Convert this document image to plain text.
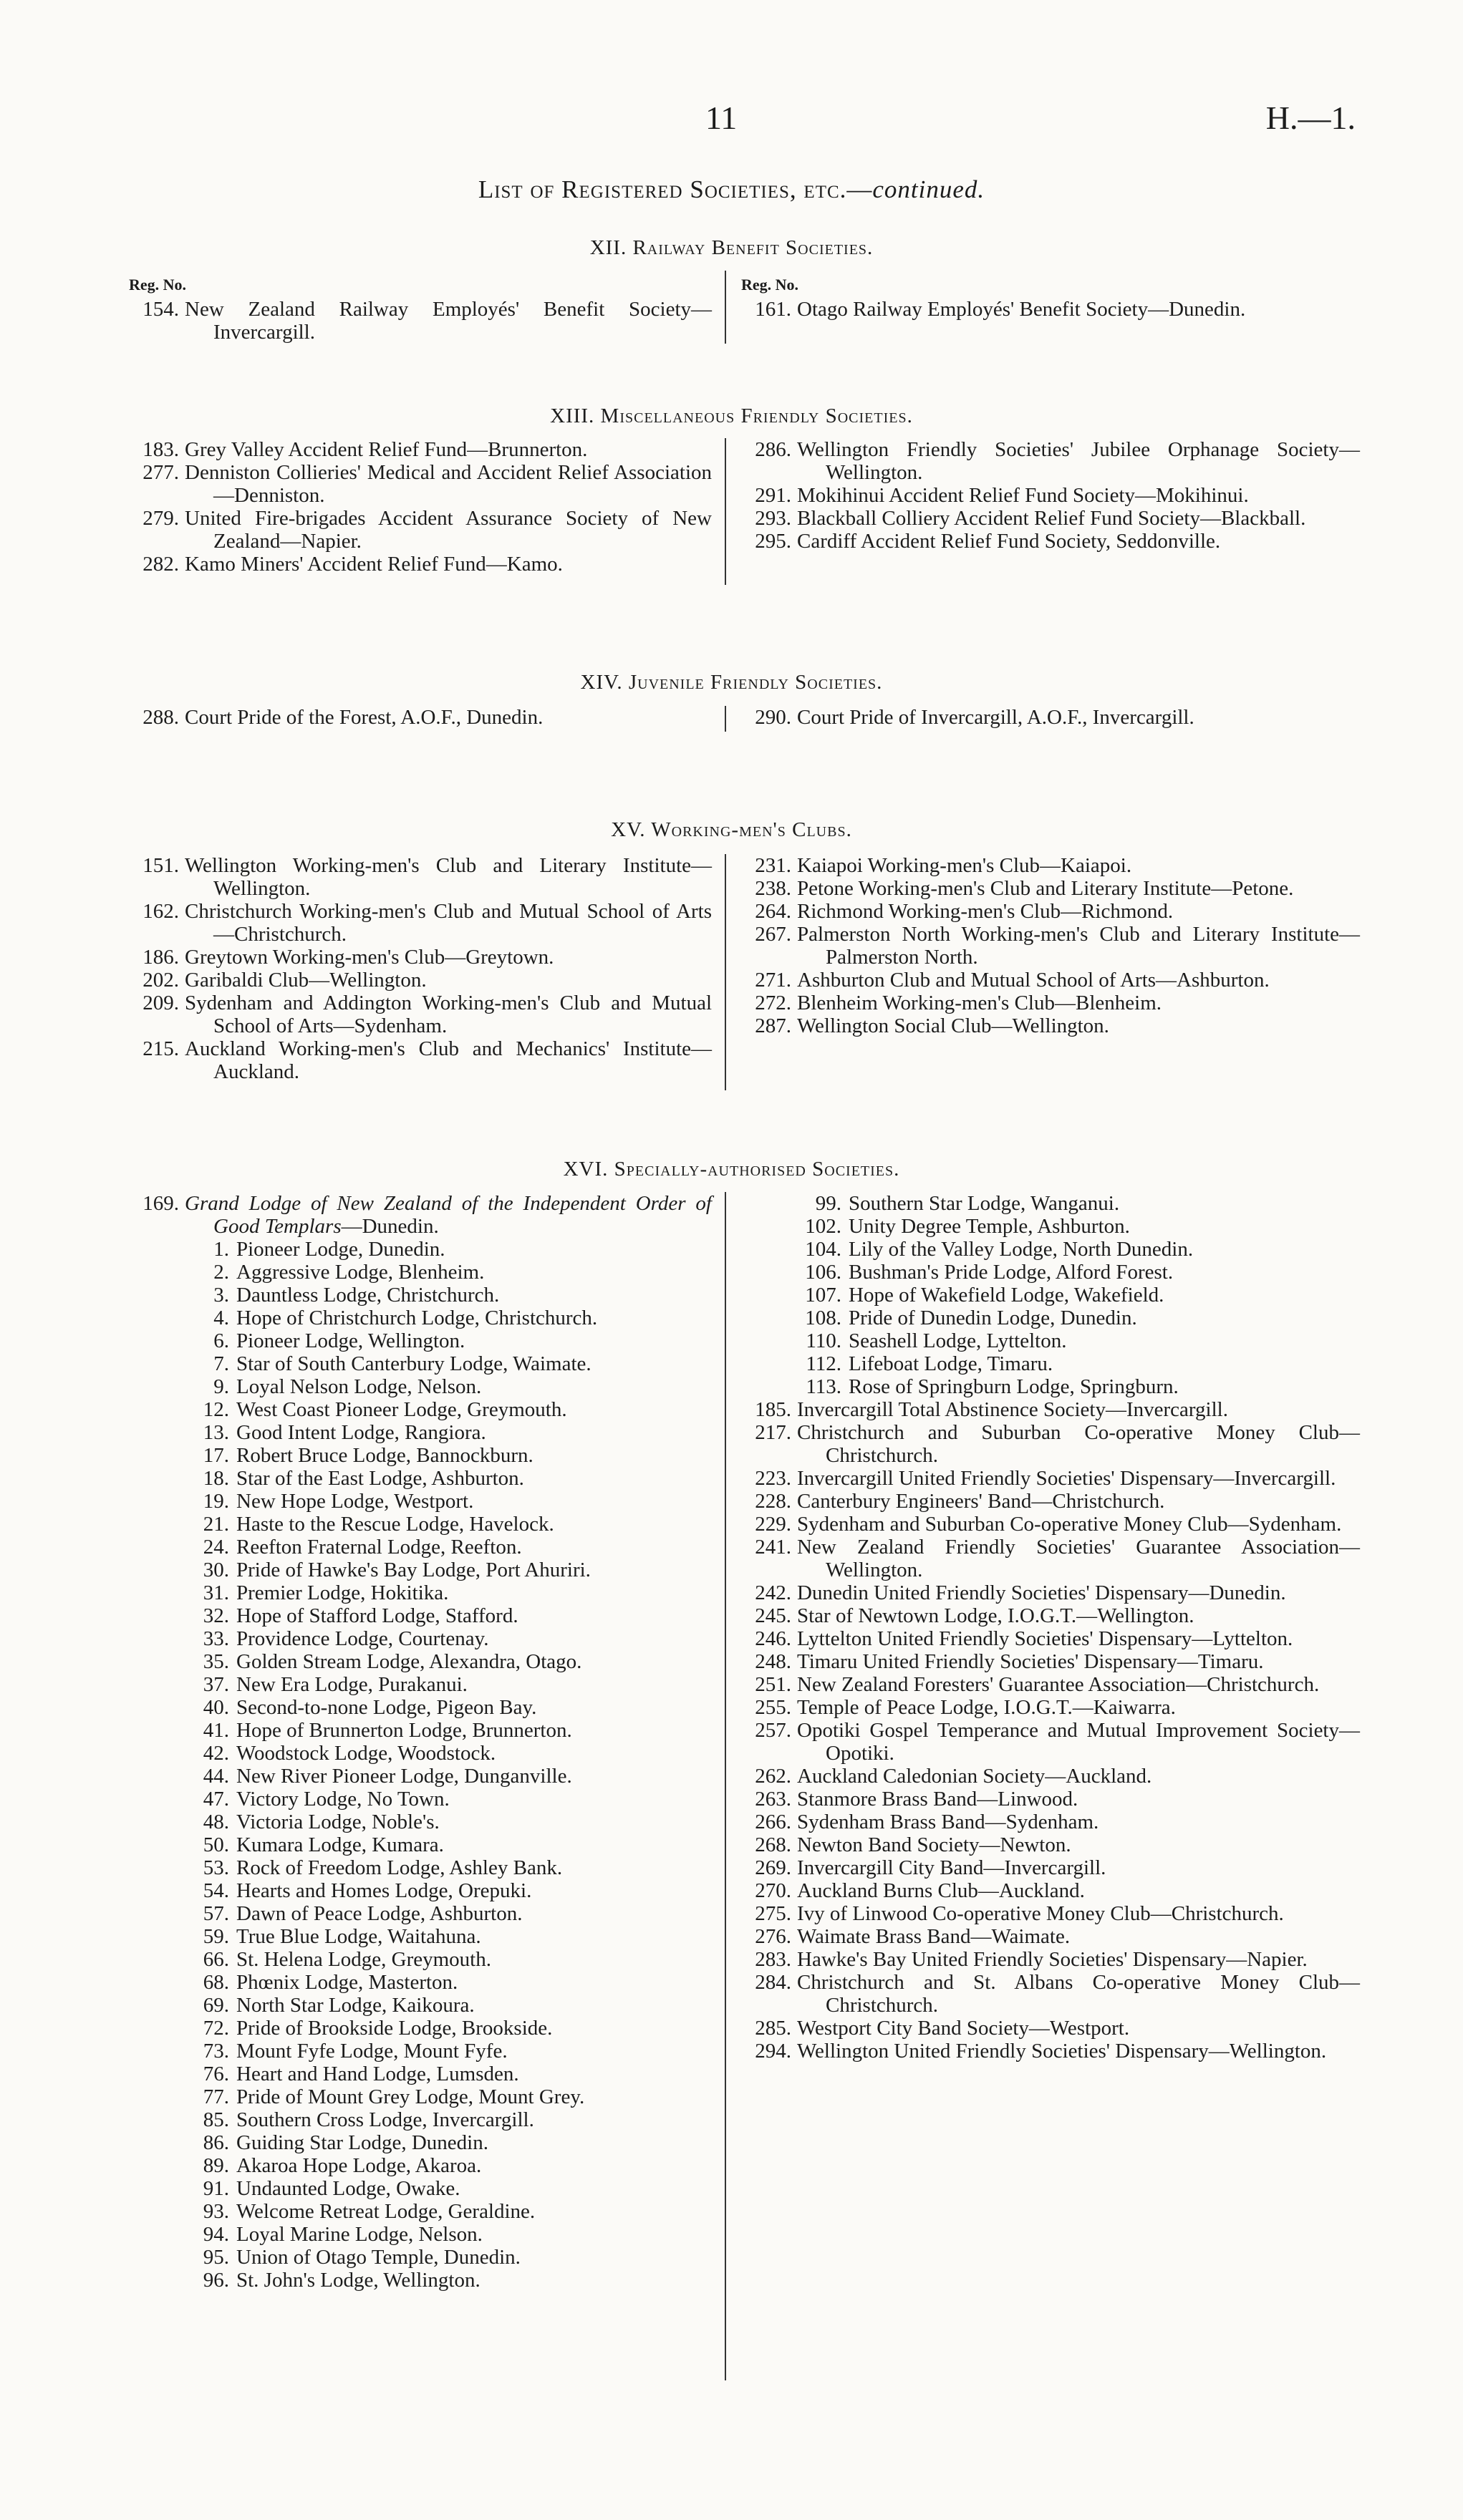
11	H.—1.
List of Registered Societies, etc.—continued.
XII. Railway Benefit Societies.
Reg. No.
154. New Zealand Railway Employés' Benefit Society—Invercargill.
Reg. No.
161. Otago Railway Employés' Benefit Society—Dunedin.
XIII. Miscellaneous Friendly Societies.
183. Grey Valley Accident Relief Fund—Brunnerton.
277. Denniston Collieries' Medical and Accident Relief Association—Denniston.
279. United Fire-brigades Accident Assurance Society of New Zealand—Napier.
282. Kamo Miners' Accident Relief Fund—Kamo.
286. Wellington Friendly Societies' Jubilee Orphanage Society—Wellington.
291. Mokihinui Accident Relief Fund Society—Mokihinui.
293. Blackball Colliery Accident Relief Fund Society—Blackball.
295. Cardiff Accident Relief Fund Society, Seddonville.
XIV. Juvenile Friendly Societies.
288. Court Pride of the Forest, A.O.F., Dunedin.	290. Court Pride of Invercargill, A.O.F., Invercargill.
XV. Working-men's Clubs.
151. Wellington Working-men's Club and Literary Institute—Wellington.
162. Christchurch Working-men's Club and Mutual School of Arts—Christchurch.
186. Greytown Working-men's Club—Greytown.
202. Garibaldi Club—Wellington.
209. Sydenham and Addington Working-men's Club and Mutual School of Arts—Sydenham.
215. Auckland Working-men's Club and Mechanics' Institute—Auckland.
231. Kaiapoi Working-men's Club—Kaiapoi.
238. Petone Working-men's Club and Literary Institute—Petone.
264. Richmond Working-men's Club—Richmond.
267. Palmerston North Working-men's Club and Literary Institute—Palmerston North.
271. Ashburton Club and Mutual School of Arts—Ashburton.
272. Blenheim Working-men's Club—Blenheim.
287. Wellington Social Club—Wellington.
XVI. Specially-authorised Societies.
169. Grand Lodge of New Zealand of the Independent Order of Good Templars—Dunedin.
1. Pioneer Lodge, Dunedin.
2. Aggressive Lodge, Blenheim.
3. Dauntless Lodge, Christchurch.
4. Hope of Christchurch Lodge, Christchurch.
6. Pioneer Lodge, Wellington.
7. Star of South Canterbury Lodge, Waimate.
9. Loyal Nelson Lodge, Nelson.
12. West Coast Pioneer Lodge, Greymouth.
13. Good Intent Lodge, Rangiora.
17. Robert Bruce Lodge, Bannockburn.
18. Star of the East Lodge, Ashburton.
19. New Hope Lodge, Westport.
21. Haste to the Rescue Lodge, Havelock.
24. Reefton Fraternal Lodge, Reefton.
30. Pride of Hawke's Bay Lodge, Port Ahuriri.
31. Premier Lodge, Hokitika.
32. Hope of Stafford Lodge, Stafford.
33. Providence Lodge, Courtenay.
35. Golden Stream Lodge, Alexandra, Otago.
37. New Era Lodge, Purakanui.
40. Second-to-none Lodge, Pigeon Bay.
41. Hope of Brunnerton Lodge, Brunnerton.
42. Woodstock Lodge, Woodstock.
44. New River Pioneer Lodge, Dunganville.
47. Victory Lodge, No Town.
48. Victoria Lodge, Noble's.
50. Kumara Lodge, Kumara.
53. Rock of Freedom Lodge, Ashley Bank.
54. Hearts and Homes Lodge, Orepuki.
57. Dawn of Peace Lodge, Ashburton.
59. True Blue Lodge, Waitahuna.
66. St. Helena Lodge, Greymouth.
68. Phœnix Lodge, Masterton.
69. North Star Lodge, Kaikoura.
72. Pride of Brookside Lodge, Brookside.
73. Mount Fyfe Lodge, Mount Fyfe.
76. Heart and Hand Lodge, Lumsden.
77. Pride of Mount Grey Lodge, Mount Grey.
85. Southern Cross Lodge, Invercargill.
86. Guiding Star Lodge, Dunedin.
89. Akaroa Hope Lodge, Akaroa.
91. Undaunted Lodge, Owake.
93. Welcome Retreat Lodge, Geraldine.
94. Loyal Marine Lodge, Nelson.
95. Union of Otago Temple, Dunedin.
96. St. John's Lodge, Wellington.
99. Southern Star Lodge, Wanganui.
102. Unity Degree Temple, Ashburton.
104. Lily of the Valley Lodge, North Dunedin.
106. Bushman's Pride Lodge, Alford Forest.
107. Hope of Wakefield Lodge, Wakefield.
108. Pride of Dunedin Lodge, Dunedin.
110. Seashell Lodge, Lyttelton.
112. Lifeboat Lodge, Timaru.
113. Rose of Springburn Lodge, Springburn.
185. Invercargill Total Abstinence Society—Invercargill.
217. Christchurch and Suburban Co-operative Money Club—Christchurch.
223. Invercargill United Friendly Societies' Dispensary—Invercargill.
228. Canterbury Engineers' Band—Christchurch.
229. Sydenham and Suburban Co-operative Money Club—Sydenham.
241. New Zealand Friendly Societies' Guarantee Association—Wellington.
242. Dunedin United Friendly Societies' Dispensary—Dunedin.
245. Star of Newtown Lodge, I.O.G.T.—Wellington.
246. Lyttelton United Friendly Societies' Dispensary—Lyttelton.
248. Timaru United Friendly Societies' Dispensary—Timaru.
251. New Zealand Foresters' Guarantee Association—Christchurch.
255. Temple of Peace Lodge, I.O.G.T.—Kaiwarra.
257. Opotiki Gospel Temperance and Mutual Improvement Society—Opotiki.
262. Auckland Caledonian Society—Auckland.
263. Stanmore Brass Band—Linwood.
266. Sydenham Brass Band—Sydenham.
268. Newton Band Society—Newton.
269. Invercargill City Band—Invercargill.
270. Auckland Burns Club—Auckland.
275. Ivy of Linwood Co-operative Money Club—Christchurch.
276. Waimate Brass Band—Waimate.
283. Hawke's Bay United Friendly Societies' Dispensary—Napier.
284. Christchurch and St. Albans Co-operative Money Club—Christchurch.
285. Westport City Band Society—Westport.
294. Wellington United Friendly Societies' Dispensary—Wellington.
